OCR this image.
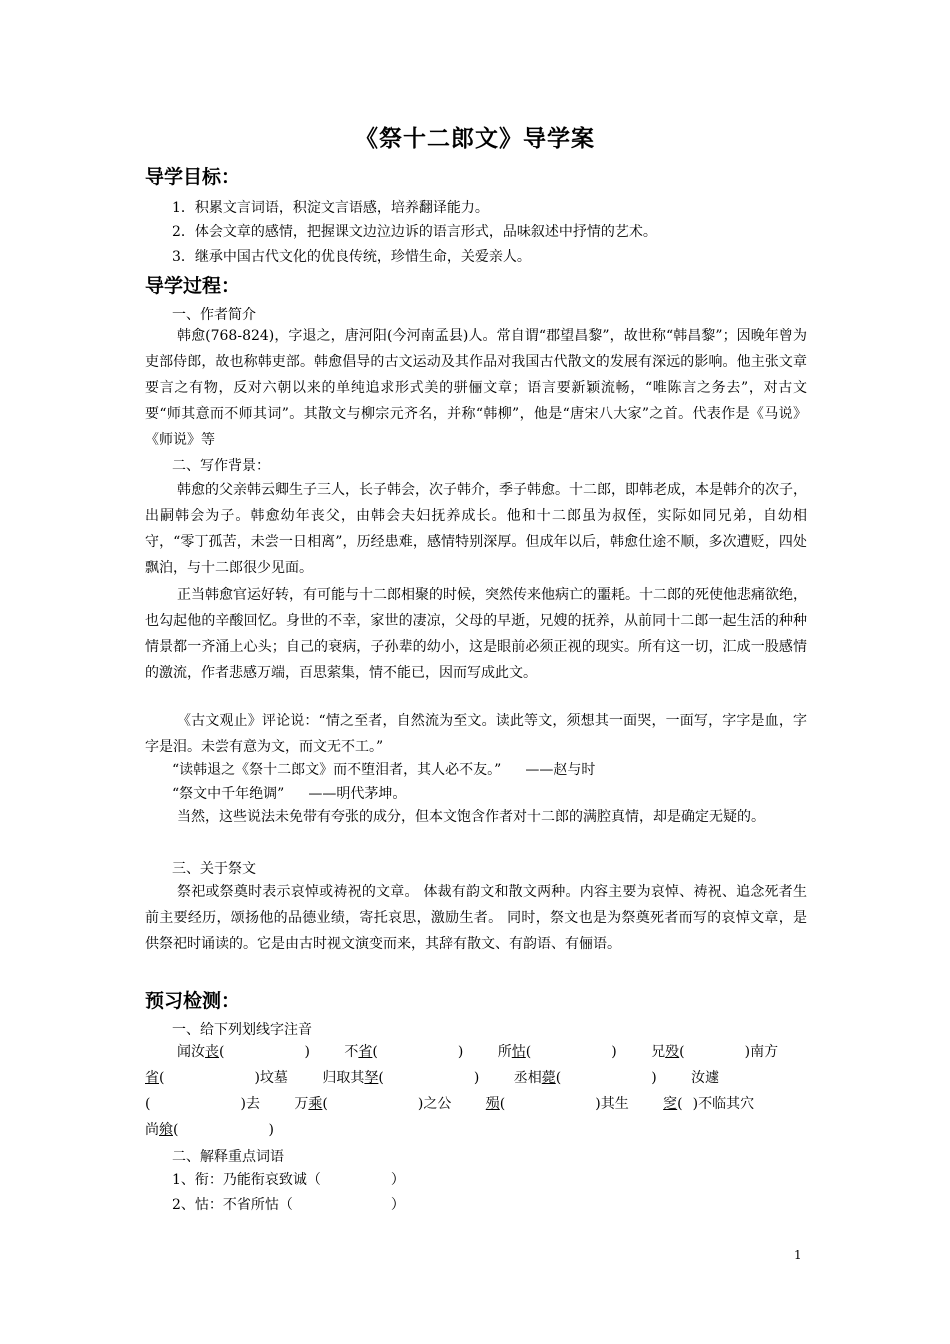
《祭十二郎文》导学案
导学目标：
1．积累文言词语，积淀文言语感，培养翻译能力。
2．体会文章的感情，把握课文边泣边诉的语言形式，品味叙述中抒情的艺术。
3．继承中国古代文化的优良传统，珍惜生命，关爱亲人。
导学过程：
一、作者简介

韩愈(768-824)，字退之，唐河阳(今河南孟县)人。常自谓“郡望昌黎”，故世称“韩昌黎”；因晚年曾为吏部侍郎，故也称韩吏部。韩愈倡导的古文运动及其作品对我国古代散文的发展有深远的影响。他主张文章要言之有物，反对六朝以来的单纯追求形式美的骈俪文章；语言要新颖流畅，“唯陈言之务去”，对古文要“师其意而不师其词”。其散文与柳宗元齐名，并称“韩柳”，他是“唐宋八大家”之首。代表作是《马说》《师说》等

二、写作背景：

韩愈的父亲韩云卿生子三人，长子韩会，次子韩介，季子韩愈。十二郎，即韩老成，本是韩介的次子，出嗣韩会为子。韩愈幼年丧父，由韩会夫妇抚养成长。他和十二郎虽为叔侄，实际如同兄弟，自幼相守，“零丁孤苦，未尝一日相离”，历经患难，感情特别深厚。但成年以后，韩愈仕途不顺，多次遭贬，四处飘泊，与十二郎很少见面。

正当韩愈官运好转，有可能与十二郎相聚的时候，突然传来他病亡的噩耗。十二郎的死使他悲痛欲绝，也勾起他的辛酸回忆。身世的不幸，家世的凄凉，父母的早逝，兄嫂的抚养，从前同十二郎一起生活的种种情景都一齐涌上心头；自己的衰病，子孙辈的幼小，这是眼前必须正视的现实。所有这一切，汇成一股感情的激流，作者悲感万端，百思萦集，情不能已，因而写成此文。

《古文观止》评论说：“情之至者，自然流为至文。读此等文，须想其一面哭，一面写，字字是血，字字是泪。未尝有意为文，而文无不工。”

“读韩退之《祭十二郎文》而不堕泪者，其人必不友。” ——赵与时
“祭文中千年绝调” ——明代茅坤。

当然，这些说法未免带有夸张的成分，但本文饱含作者对十二郎的满腔真情，却是确定无疑的。

三、关于祭文

祭祀或祭奠时表示哀悼或祷祝的文章。 体裁有韵文和散文两种。内容主要为哀悼、祷祝、追念死者生前主要经历，颂扬他的品德业绩，寄托哀思，激励生者。 同时，祭文也是为祭奠死者而写的哀悼文章，是供祭祀时诵读的。它是由古时视文演变而来，其辞有散文、有韵语、有俪语。

预习检测：
一、给下列划线字注音

闻汝丧(	) 不省(	) 所怙(	) 兄殁(	)南方 省(	)坟墓 归取其孥(	) 丞相薨(	) 汝遽 (	)去 万乘(	)之公 殒(	)其生 窆( )不临其穴 尚飨(	)

二、解释重点词语
1、衔：乃能衔哀致诚（　　　　　）
2、怙：不省所怙（　　　　　　　）
1
